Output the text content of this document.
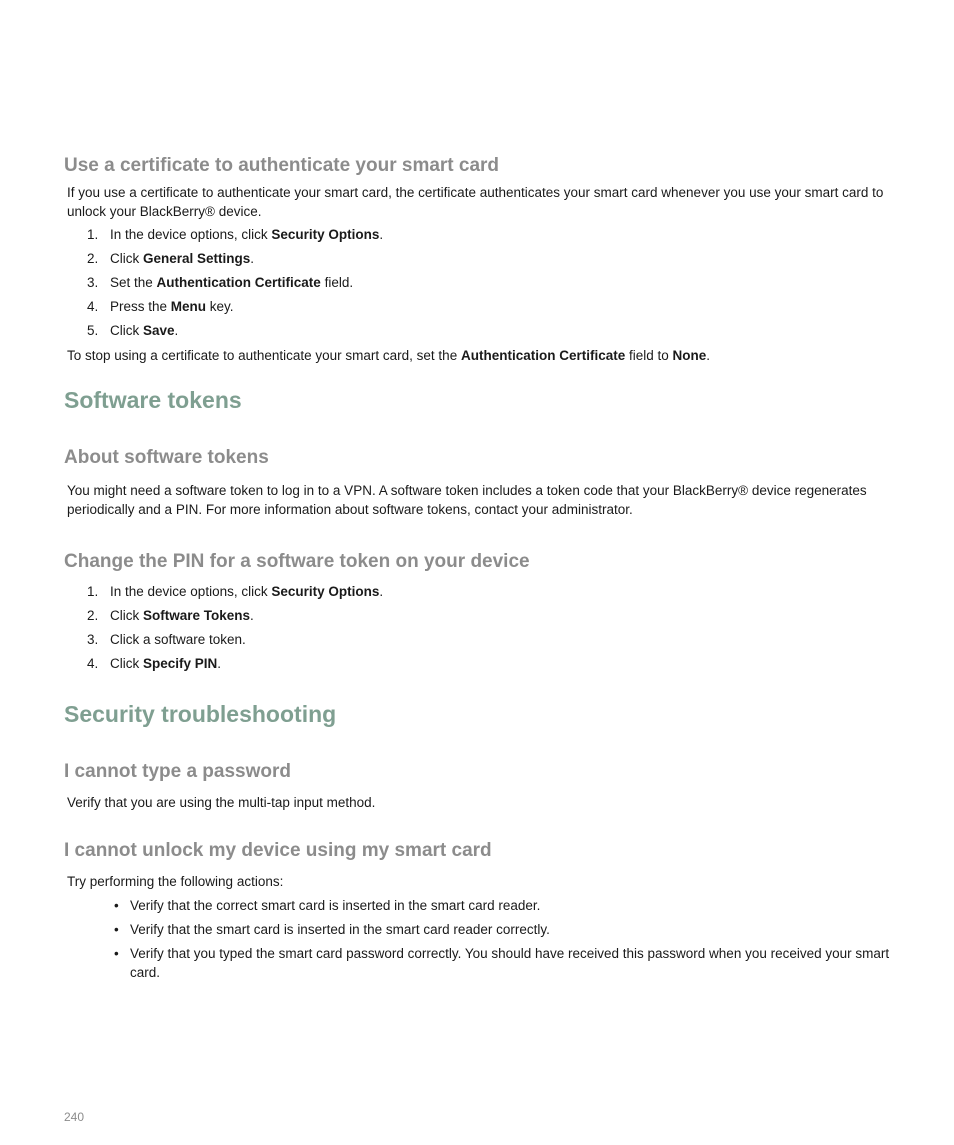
Use a certificate to authenticate your smart card

If you use a certificate to authenticate your smart card, the certificate authenticates your smart card whenever you use your smart card to unlock your BlackBerry® device.

1. In the device options, click Security Options.
2. Click General Settings.
3. Set the Authentication Certificate field.
4. Press the Menu key.
5. Click Save.

To stop using a certificate to authenticate your smart card, set the Authentication Certificate field to None.

Software tokens
About software tokens

You might need a software token to log in to a VPN. A software token includes a token code that your BlackBerry® device regenerates periodically and a PIN. For more information about software tokens, contact your administrator.

Change the PIN for a software token on your device
1. In the device options, click Security Options.
2. Click Software Tokens.
3. Click a software token.
4. Click Specify PIN.
Security troubleshooting
I cannot type a password

Verify that you are using the multi-tap input method.

I cannot unlock my device using my smart card

Try performing the following actions:

• Verify that the correct smart card is inserted in the smart card reader.
• Verify that the smart card is inserted in the smart card reader correctly.
• Verify that you typed the smart card password correctly. You should have received this password when you received your smart card.
240
